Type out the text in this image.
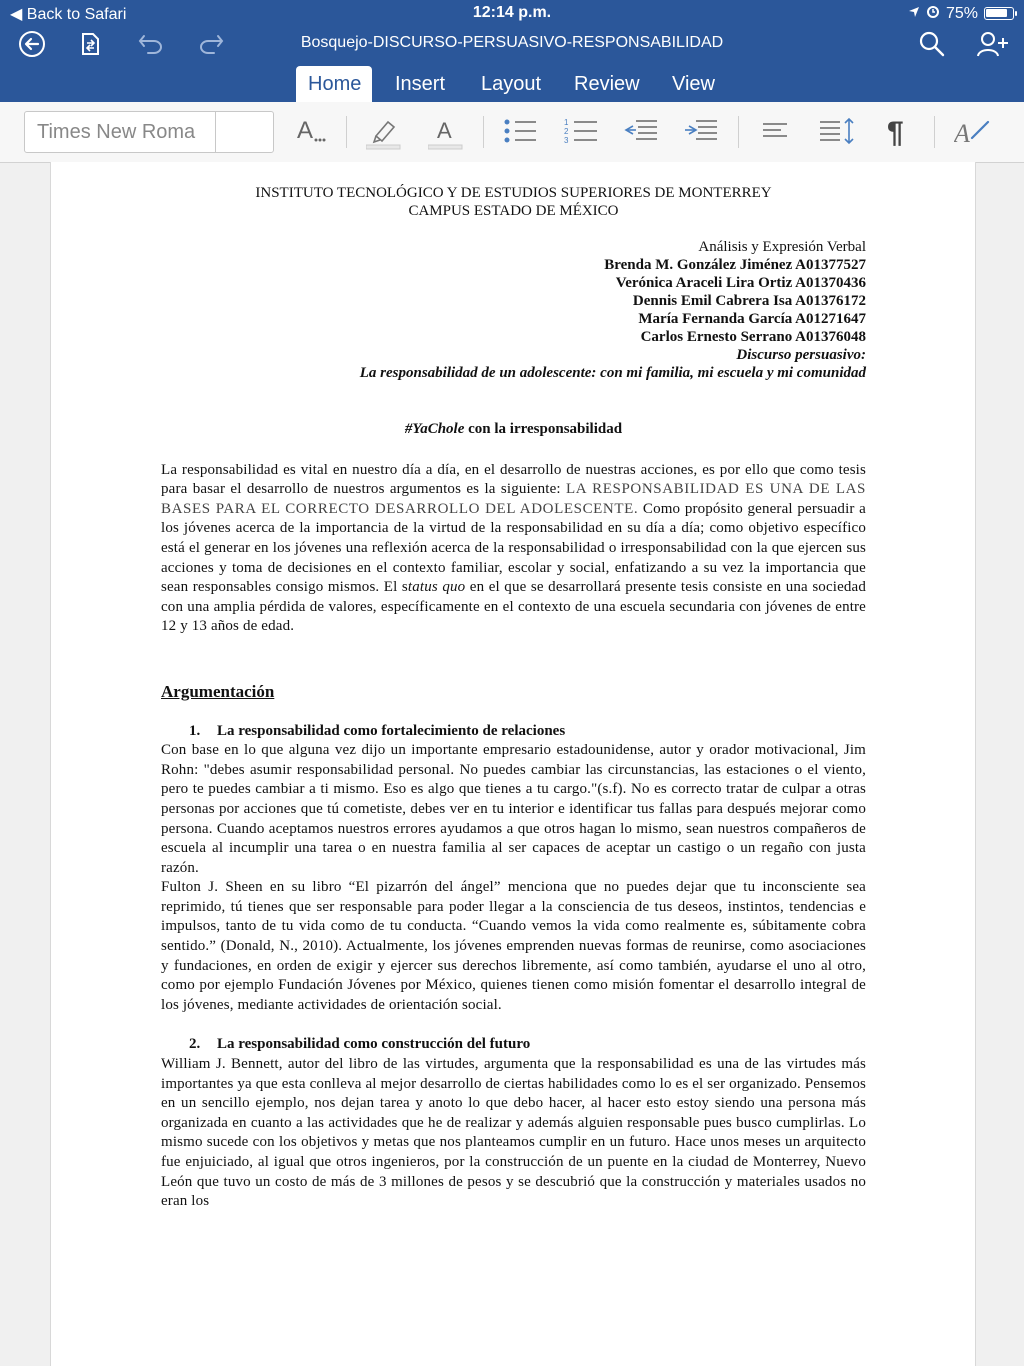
◀ Back to Safari	12:14 p.m.	75%
Bosquejo-DISCURSO-PERSUASIVO-RESPONSABILIDAD
Home	Insert	Layout	Review	View
Times New Roma
A	A	1
2
3	¶ A
INSTITUTO TECNOLÓGICO Y DE ESTUDIOS SUPERIORES DE MONTERREY
CAMPUS ESTADO DE MÉXICO
Análisis y Expresión Verbal
Brenda M. González Jiménez A01377527
Verónica Araceli Lira Ortiz A01370436
Dennis Emil Cabrera Isa A01376172
María Fernanda García A01271647
Carlos Ernesto Serrano A01376048
Discurso persuasivo:
La responsabilidad de un adolescente: con mi familia, mi escuela y mi comunidad
#YaChole con la irresponsabilidad

La responsabilidad es vital en nuestro día a día, en el desarrollo de nuestras acciones, es por ello que como tesis para basar el desarrollo de nuestros argumentos es la siguiente: LA RESPONSABILIDAD ES UNA DE LAS BASES PARA EL CORRECTO DESARROLLO DEL ADOLESCENTE. Como propósito general persuadir a los jóvenes acerca de la importancia de la virtud de la responsabilidad en su día a día; como objetivo específico está el generar en los jóvenes una reflexión acerca de la responsabilidad o irresponsabilidad con la que ejercen sus acciones y toma de decisiones en el contexto familiar, escolar y social, enfatizando a su vez la importancia que sean responsables consigo mismos. El status quo en el que se desarrollará presente tesis consiste en una sociedad con una amplia pérdida de valores, específicamente en el contexto de una escuela secundaria con jóvenes de entre 12 y 13 años de edad.

Argumentación
1. La responsabilidad como fortalecimiento de relaciones

Con base en lo que alguna vez dijo un importante empresario estadounidense, autor y orador motivacional, Jim Rohn: "debes asumir responsabilidad personal. No puedes cambiar las circunstancias, las estaciones o el viento, pero te puedes cambiar a ti mismo. Eso es algo que tienes a tu cargo."(s.f). No es correcto tratar de culpar a otras personas por acciones que tú cometiste, debes ver en tu interior e identificar tus fallas para después mejorar como persona. Cuando aceptamos nuestros errores ayudamos a que otros hagan lo mismo, sean nuestros compañeros de escuela al incumplir una tarea o en nuestra familia al ser capaces de aceptar un castigo o un regaño con justa razón.

Fulton J. Sheen en su libro “El pizarrón del ángel” menciona que no puedes dejar que tu inconsciente sea reprimido, tú tienes que ser responsable para poder llegar a la consciencia de tus deseos, instintos, tendencias e impulsos, tanto de tu vida como de tu conducta. “Cuando vemos la vida como realmente es, súbitamente cobra sentido.” (Donald, N., 2010). Actualmente, los jóvenes emprenden nuevas formas de reunirse, como asociaciones y fundaciones, en orden de exigir y ejercer sus derechos libremente, así como también, ayudarse el uno al otro, como por ejemplo Fundación Jóvenes por México, quienes tienen como misión fomentar el desarrollo integral de los jóvenes, mediante actividades de orientación social.

2. La responsabilidad como construcción del futuro

William J. Bennett, autor del libro de las virtudes, argumenta que la responsabilidad es una de las virtudes más importantes ya que esta conlleva al mejor desarrollo de ciertas habilidades como lo es el ser organizado. Pensemos en un sencillo ejemplo, nos dejan tarea y anoto lo que debo hacer, al hacer esto estoy siendo una persona más organizada en cuanto a las actividades que he de realizar y además alguien responsable pues busco cumplirlas. Lo mismo sucede con los objetivos y metas que nos planteamos cumplir en un futuro. Hace unos meses un arquitecto fue enjuiciado, al igual que otros ingenieros, por la construcción de un puente en la ciudad de Monterrey, Nuevo León que tuvo un costo de más de 3 millones de pesos y se descubrió que la construcción y materiales usados no eran los
